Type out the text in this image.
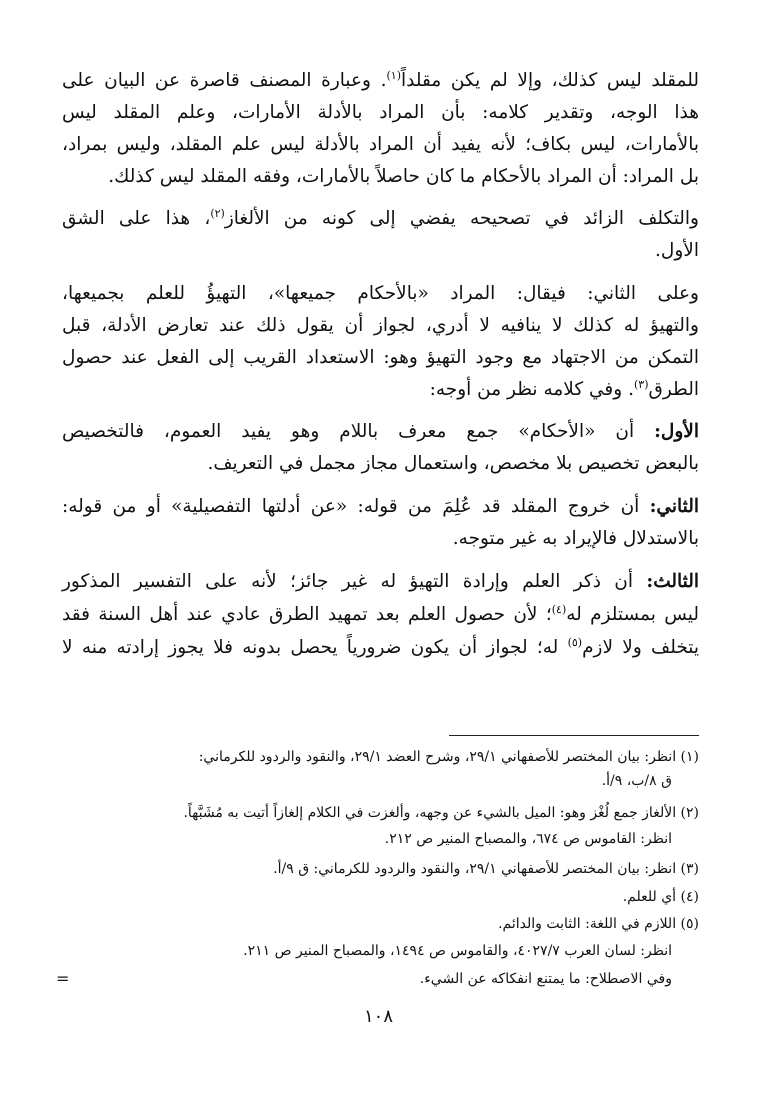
للمقلد ليس كذلك، وإلا لم يكن مقلداً$^{(١)}$. وعبارة المصنف قاصرة عن البيان على
هذا الوجه، وتقدير كلامه: بأن المراد بالأدلة الأمارات، وعلم المقلد ليس
بالأمارات، ليس بكاف؛ لأنه يفيد أن المراد بالأدلة ليس علم المقلد، وليس بمراد،
بل المراد: أن المراد بالأحكام ما كان حاصلاً بالأمارات، وفقه المقلد ليس كذلك.
والتكلف الزائد في تصحيحه يفضي إلى كونه من الألغاز$^{(٢)}$، هذا على الشق
الأول.
وعلى الثاني: فيقال: المراد «بالأحكام جميعها»، التهيؤُ للعلم بجميعها،
والتهيؤ له كذلك لا ينافيه لا أدري، لجواز أن يقول ذلك عند تعارض الأدلة، قبل
التمكن من الاجتهاد مع وجود التهيؤ وهو: الاستعداد القريب إلى الفعل عند حصول
الطرق$^{(٣)}$. وفي كلامه نظر من أوجه:
الأول: أن «الأحكام» جمع معرف باللام وهو يفيد العموم، فالتخصيص
بالبعض تخصيص بلا مخصص، واستعمال مجاز مجمل في التعريف.
الثاني: أن خروج المقلد قد عُلِمَ من قوله: «عن أدلتها التفصيلية» أو من قوله:
بالاستدلال فالإيراد به غير متوجه.
الثالث: أن ذكر العلم وإرادة التهيؤ له غير جائز؛ لأنه على التفسير المذكور
ليس بمستلزم له$^{(٤)}$؛ لأن حصول العلم بعد تمهيد الطرق عادي عند أهل السنة فقد
يتخلف ولا لازم$^{(٥)}$ له؛ لجواز أن يكون ضرورياً يحصل بدونه فلا يجوز إرادته منه لا
(١) انظر: بيان المختصر للأصفهاني ٢٩/١، وشرح العضد ٢٩/١، والنقود والردود للكرماني:
ق ٨/ب، ٩/أ.
(٢) الألغاز جمع لُغْز وهو: الميل بالشيء عن وجهه، وألغزت في الكلام إلغازاً أتيت به مُشَبَّهاً.
انظر: القاموس ص ٦٧٤، والمصباح المنير ص ٢١٢.
(٣) انظر: بيان المختصر للأصفهاني ٢٩/١، والنقود والردود للكرماني: ق ٩/أ.
(٤) أي للعلم.
(٥) اللازم في اللغة: الثابت والدائم.
انظر: لسان العرب ٤٠٢٧/٧، والقاموس ص ١٤٩٤، والمصباح المنير ص ٢١١.
وفي الاصطلاح: ما يمتنع انفكاكه عن الشيء.
=
١٠٨
